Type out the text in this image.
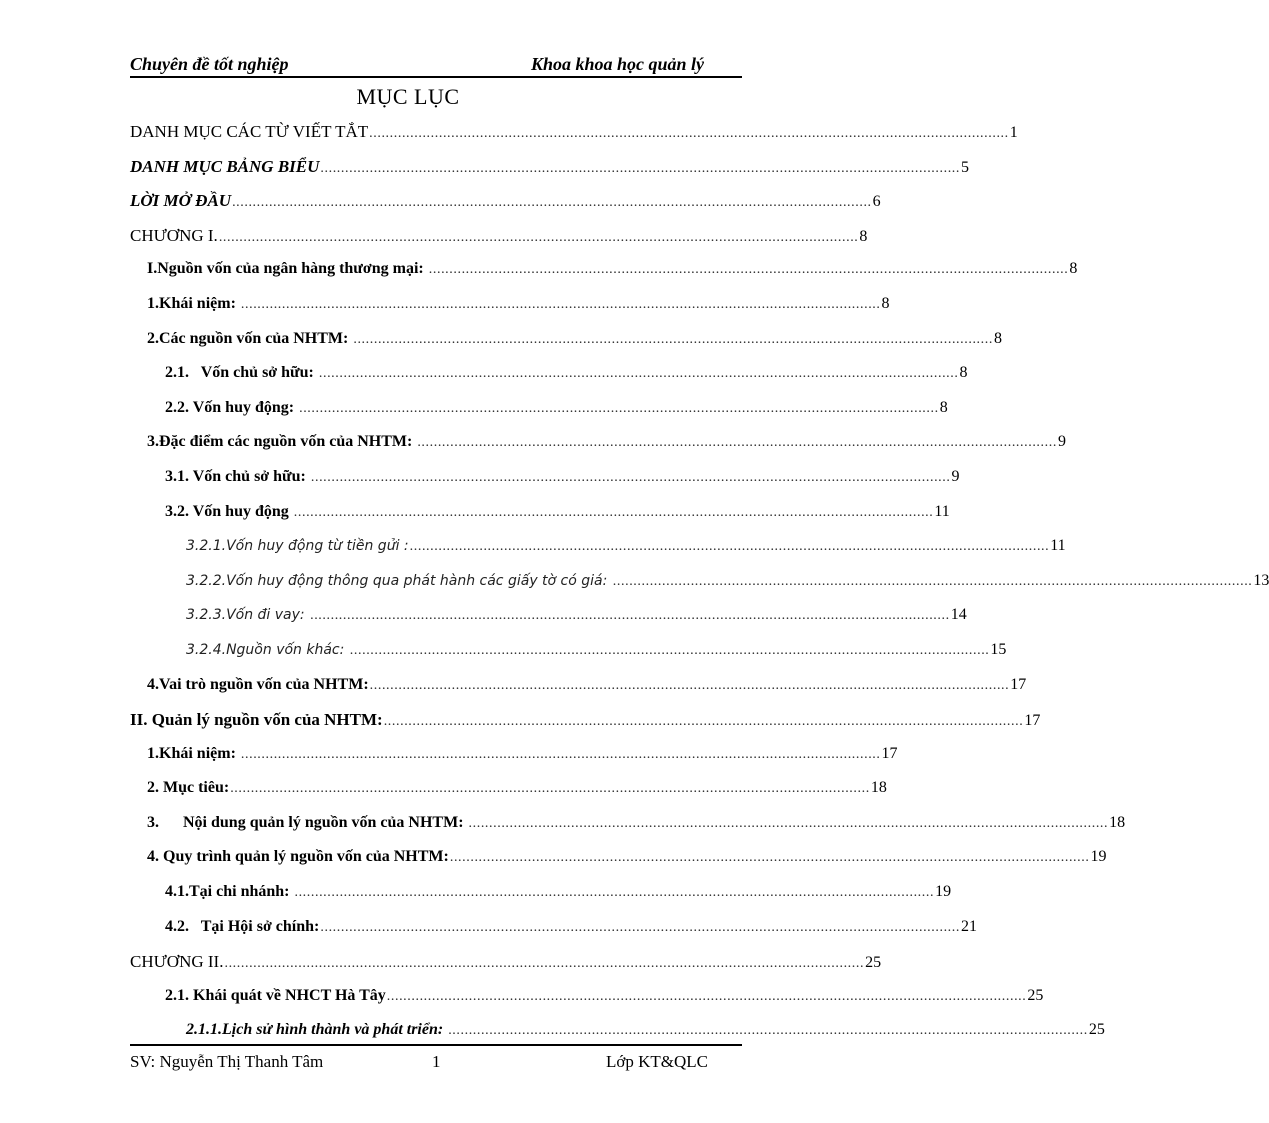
Chuyên đề tốt nghiệp	Khoa khoa học quản lý
MỤC LỤC
DANH MỤC CÁC TỪ VIẾT TẮT ............................................................................................................................................................ 1
DANH MỤC BẢNG BIỂU ............................................................................................................................................................ 5
LỜI MỞ ĐẦU ............................................................................................................................................................ 6
CHƯƠNG I. ............................................................................................................................................................ 8
I.Nguồn vốn của ngân hàng thương mại: ............................................................................................................................................................ 8
1.Khái niệm: ............................................................................................................................................................ 8
2.Các nguồn vốn của NHTM: ............................................................................................................................................................ 8
2.1.   Vốn chủ sở hữu: ............................................................................................................................................................ 8
2.2. Vốn huy động: ............................................................................................................................................................ 8
3.Đặc điểm các nguồn vốn của NHTM: ............................................................................................................................................................ 9
3.1. Vốn chủ sở hữu: ............................................................................................................................................................ 9
3.2. Vốn huy động ............................................................................................................................................................ 11
3.2.1.Vốn huy động từ tiền gửi : ............................................................................................................................................................ 11
3.2.2.Vốn huy động thông qua phát hành các giấy tờ có giá: ............................................................................................................................................................ 13
3.2.3.Vốn đi vay: ............................................................................................................................................................ 14
3.2.4.Nguồn vốn khác: ............................................................................................................................................................ 15
4.Vai trò nguồn vốn của NHTM: ............................................................................................................................................................ 17
II. Quản lý nguồn vốn của NHTM: ............................................................................................................................................................ 17
1.Khái niệm: ............................................................................................................................................................ 17
2. Mục tiêu: ............................................................................................................................................................ 18
3.      Nội dung quản lý nguồn vốn của NHTM: ............................................................................................................................................................ 18
4. Quy trình quản lý nguồn vốn của NHTM: ............................................................................................................................................................ 19
4.1.Tại chi nhánh: ............................................................................................................................................................ 19
4.2.   Tại Hội sở chính: ............................................................................................................................................................ 21
CHƯƠNG II. ............................................................................................................................................................ 25
2.1. Khái quát về NHCT Hà Tây ............................................................................................................................................................ 25
2.1.1.Lịch sử hình thành và phát triển: ............................................................................................................................................................ 25
SV: Nguyễn Thị Thanh Tâm	1	Lớp KT&QLC
